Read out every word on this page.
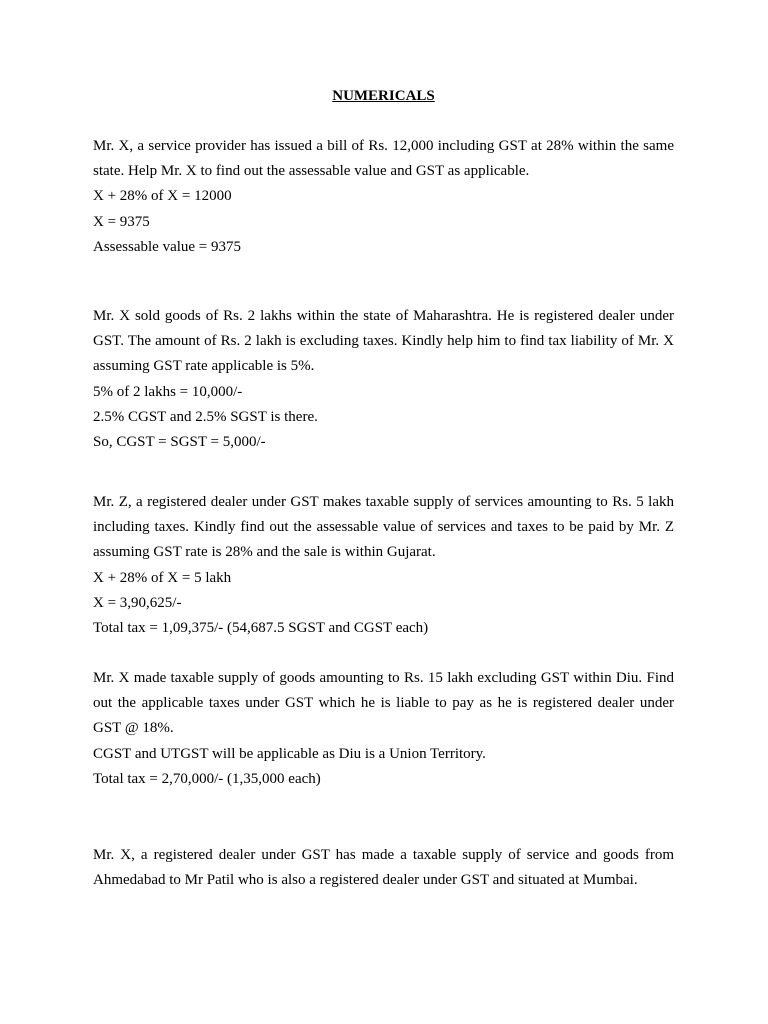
NUMERICALS
Mr. X, a service provider has issued a bill of Rs. 12,000 including GST at 28% within the same state. Help Mr. X to find out the assessable value and GST as applicable.
X + 28% of X = 12000
X = 9375
Assessable value = 9375
Mr. X sold goods of Rs. 2 lakhs within the state of Maharashtra. He is registered dealer under GST. The amount of Rs. 2 lakh is excluding taxes. Kindly help him to find tax liability of Mr. X assuming GST rate applicable is 5%.
5% of 2 lakhs = 10,000/-
2.5% CGST and 2.5% SGST is there.
So, CGST = SGST = 5,000/-
Mr. Z, a registered dealer under GST makes taxable supply of services amounting to Rs. 5 lakh including taxes. Kindly find out the assessable value of services and taxes to be paid by Mr. Z assuming GST rate is 28% and the sale is within Gujarat.
X + 28% of X = 5 lakh
X = 3,90,625/-
Total tax = 1,09,375/- (54,687.5 SGST and CGST each)
Mr. X made taxable supply of goods amounting to Rs. 15 lakh excluding GST within Diu. Find out the applicable taxes under GST which he is liable to pay as he is registered dealer under GST @ 18%.
CGST and UTGST will be applicable as Diu is a Union Territory.
Total tax = 2,70,000/- (1,35,000 each)
Mr. X, a registered dealer under GST has made a taxable supply of service and goods from Ahmedabad to Mr Patil who is also a registered dealer under GST and situated at Mumbai.
